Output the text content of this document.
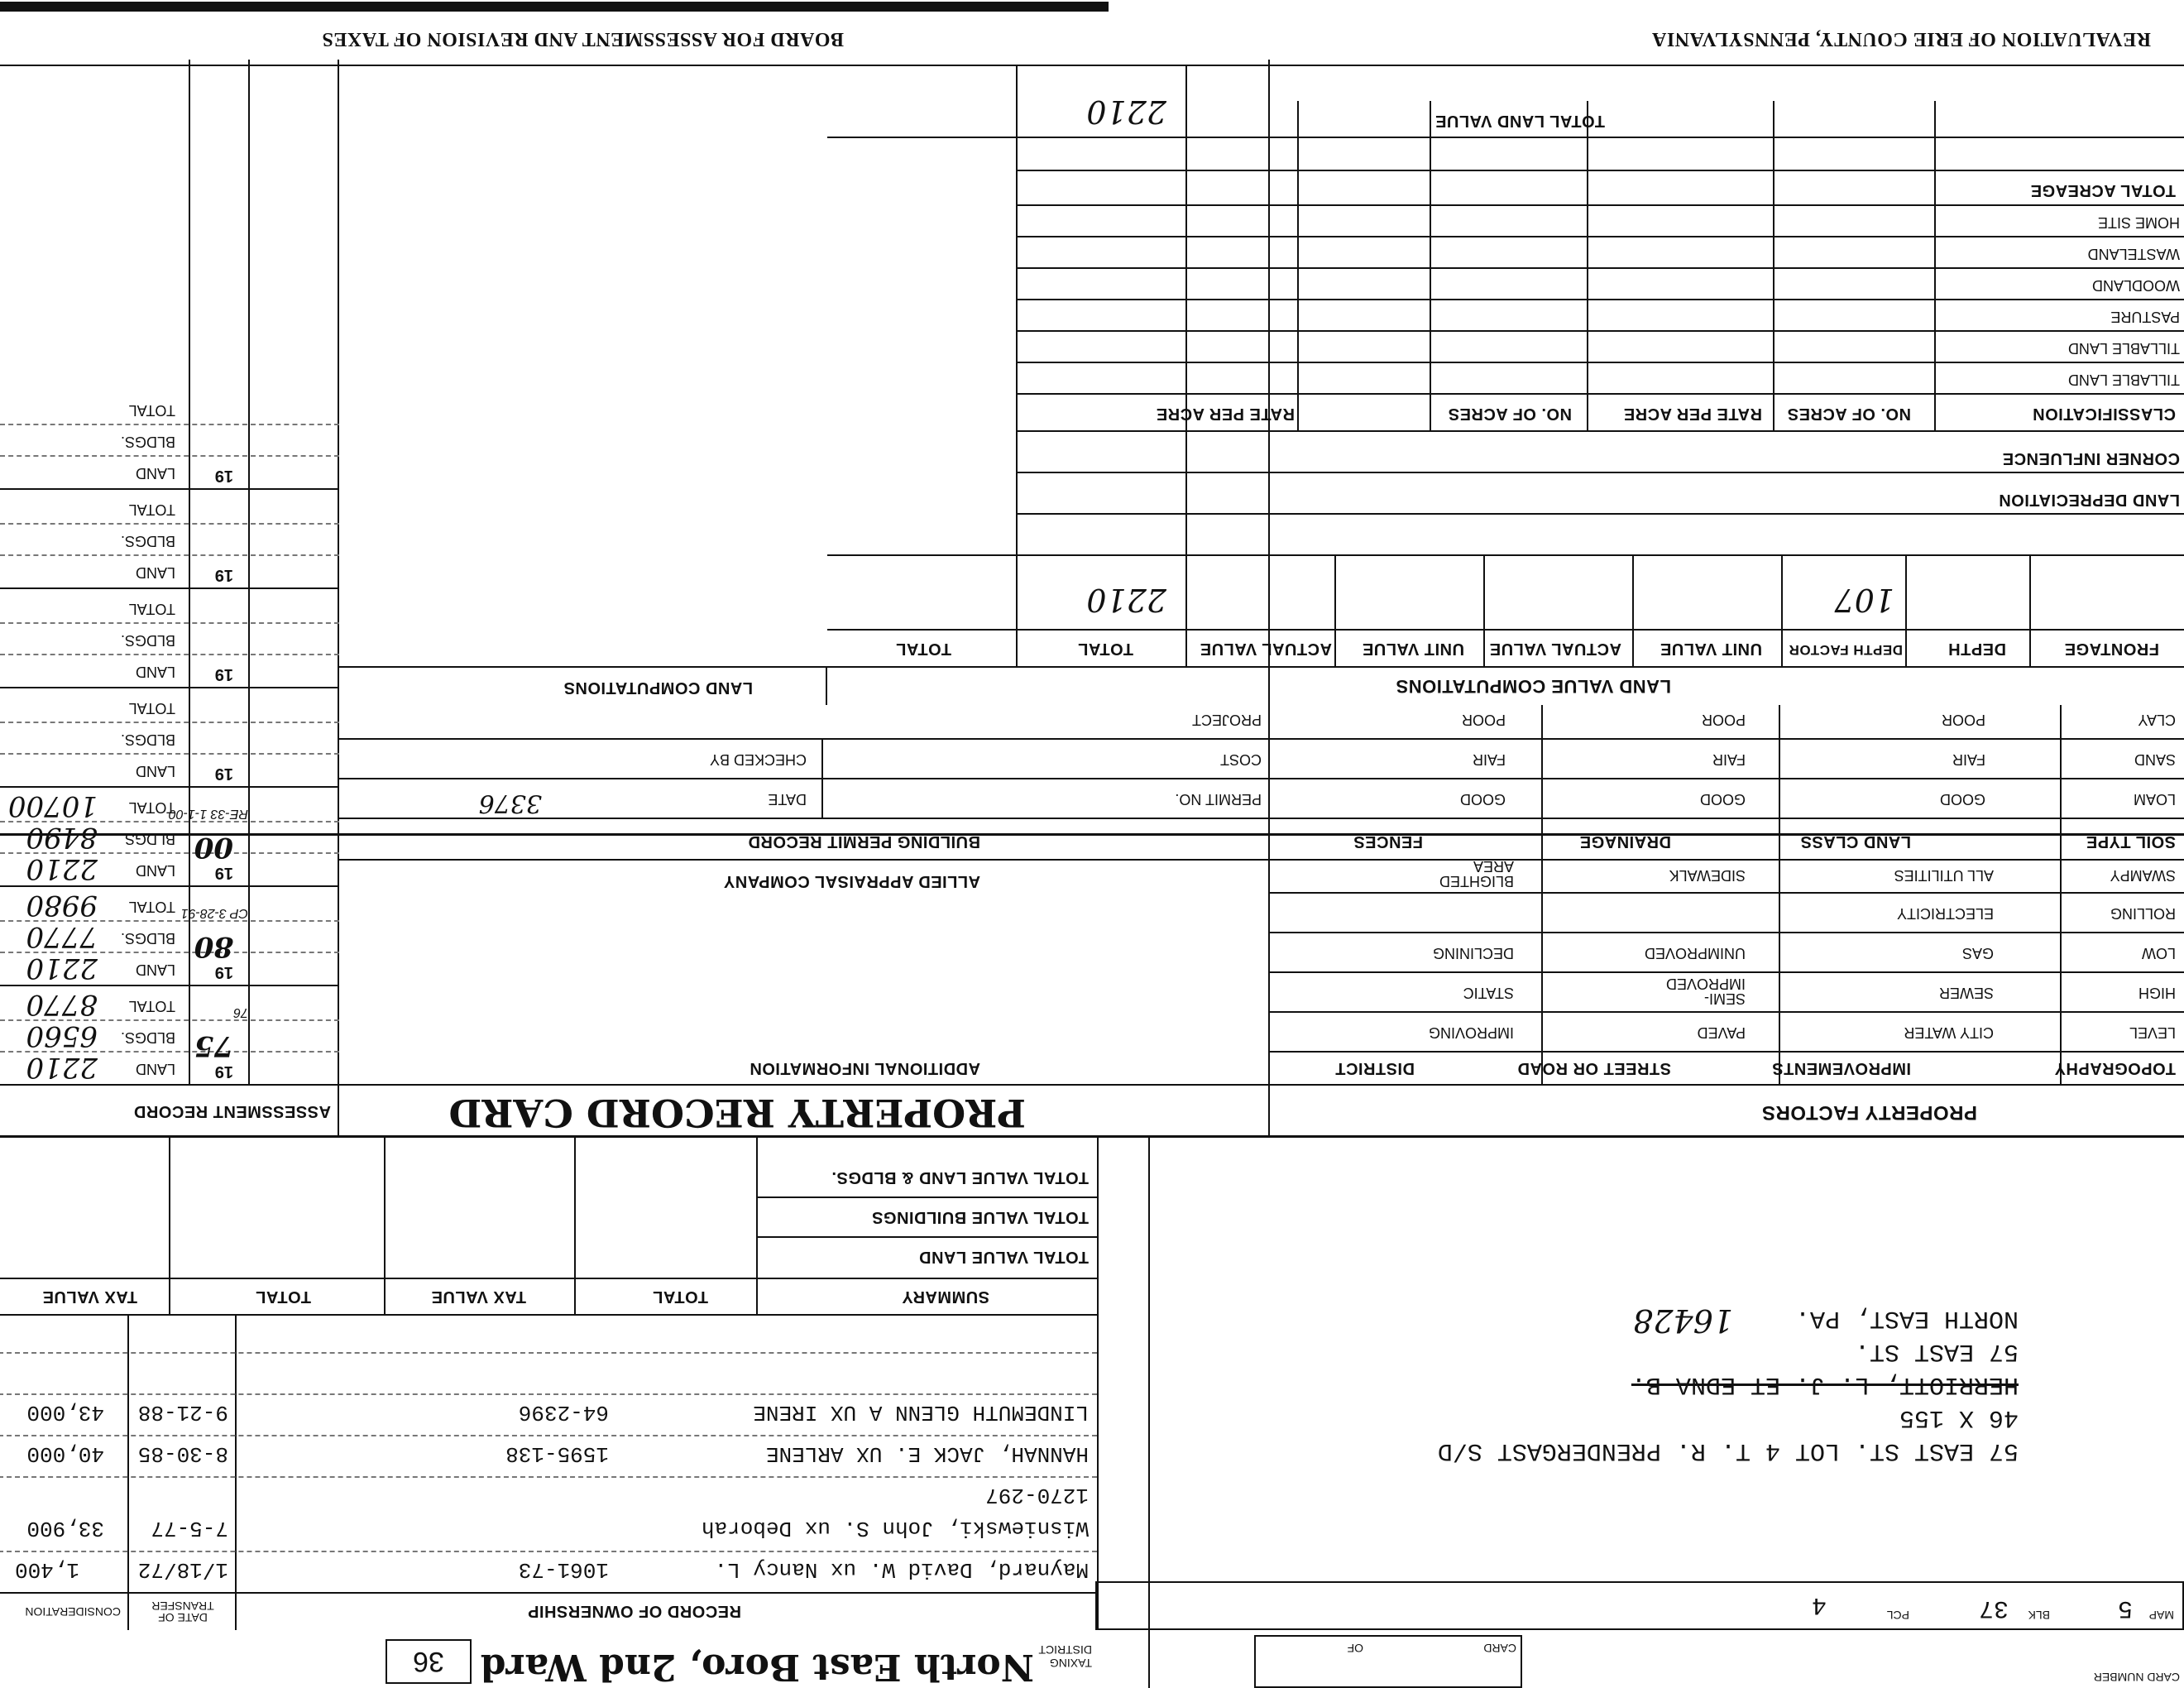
CARD NUMBER
CARD
OF
TAXING DISTRICT
North East Boro, 2nd Ward
36
MAP
5
BLK
37
PCL
4
57 EAST ST. LOT 4 T. R. PRENDERGAST S/D
46 X 155
HERRIOTT, L. J. ET EDNA B.
57 EAST ST.
NORTH EAST, PA.
16428
RECORD OF OWNERSHIP
DATE OF TRANSFER
CONSIDERATION
Maynard, David W. ux Nancy L.
1061-73
1/18/72
1,400
Wisniewski, John S. ux Deborah
1270-297
7-5-77
33,900
HANNAH, JACK E. UX ARLENE
1595-138
8-30-85
40,000
LINDEMUTH GLENN A UX IRENE
64-2396
9-21-88
43,000
SUMMARY
TOTAL
TAX VALUE
TOTAL
TAX VALUE
TOTAL VALUE LAND
TOTAL VALUE BUILDINGS
TOTAL VALUE LAND & BLDGS.
PROPERTY FACTORS
PROPERTY RECORD CARD
ASSESSMENT RECORD
TOPOGRAPHY
IMPROVEMENTS
STREET OR ROAD
DISTRICT
LEVEL
HIGH
LOW
ROLLING
SWAMPY
CITY WATER
SEWER
GAS
ELECTRICITY
ALL UTILITIES
PAVED
SEMI-IMPROVED
UNIMPROVED
SIDEWALK
IMPROVING
STATIC
DECLINING
BLIGHTED AREA
SOIL TYPE
LAND CLASS
DRAINAGE
FENCES
LOAM
SAND
CLAY
GOOD
FAIR
POOR
GOOD
FAIR
POOR
GOOD
FAIR
POOR
ADDITIONAL INFORMATION
ALLIED APPRAISAL COMPANY
BUILDING PERMIT RECORD
PERMIT NO.
DATE
3376
COST
CHECKED BY
PROJECT
LAND
BLDGS.
TOTAL
19
75
76
2210
6560
8770
LAND
BLDGS.
TOTAL
19
80
CP 3-28-91
2210
7770
9980
LAND
BLDGS.
TOTAL
19
00
RE-33 1-1-00
2210
8490
10700
LAND
BLDGS.
TOTAL
19
LAND
BLDGS.
TOTAL
19
LAND
BLDGS.
TOTAL
19
LAND
BLDGS.
TOTAL
19
LAND VALUE COMPUTATIONS
LAND COMPUTATIONS
FRONTAGE
DEPTH
DEPTH FACTOR
UNIT VALUE
ACTUAL VALUE
UNIT VALUE
ACTUAL VALUE
TOTAL
TOTAL
107
2210
LAND DEPRECIATION
CORNER INFLUENCE
CLASSIFICATION
NO. OF ACRES
RATE PER ACRE
NO. OF ACRES
RATE PER ACRE
TILLABLE LAND
TILLABLE LAND
PASTURE
WOODLAND
WASTELAND
HOME SITE
TOTAL ACREAGE
TOTAL LAND VALUE
2210
REVALUATION OF ERIE COUNTY, PENNSYLVANIA
BOARD FOR ASSESSMENT AND REVISION OF TAXES
